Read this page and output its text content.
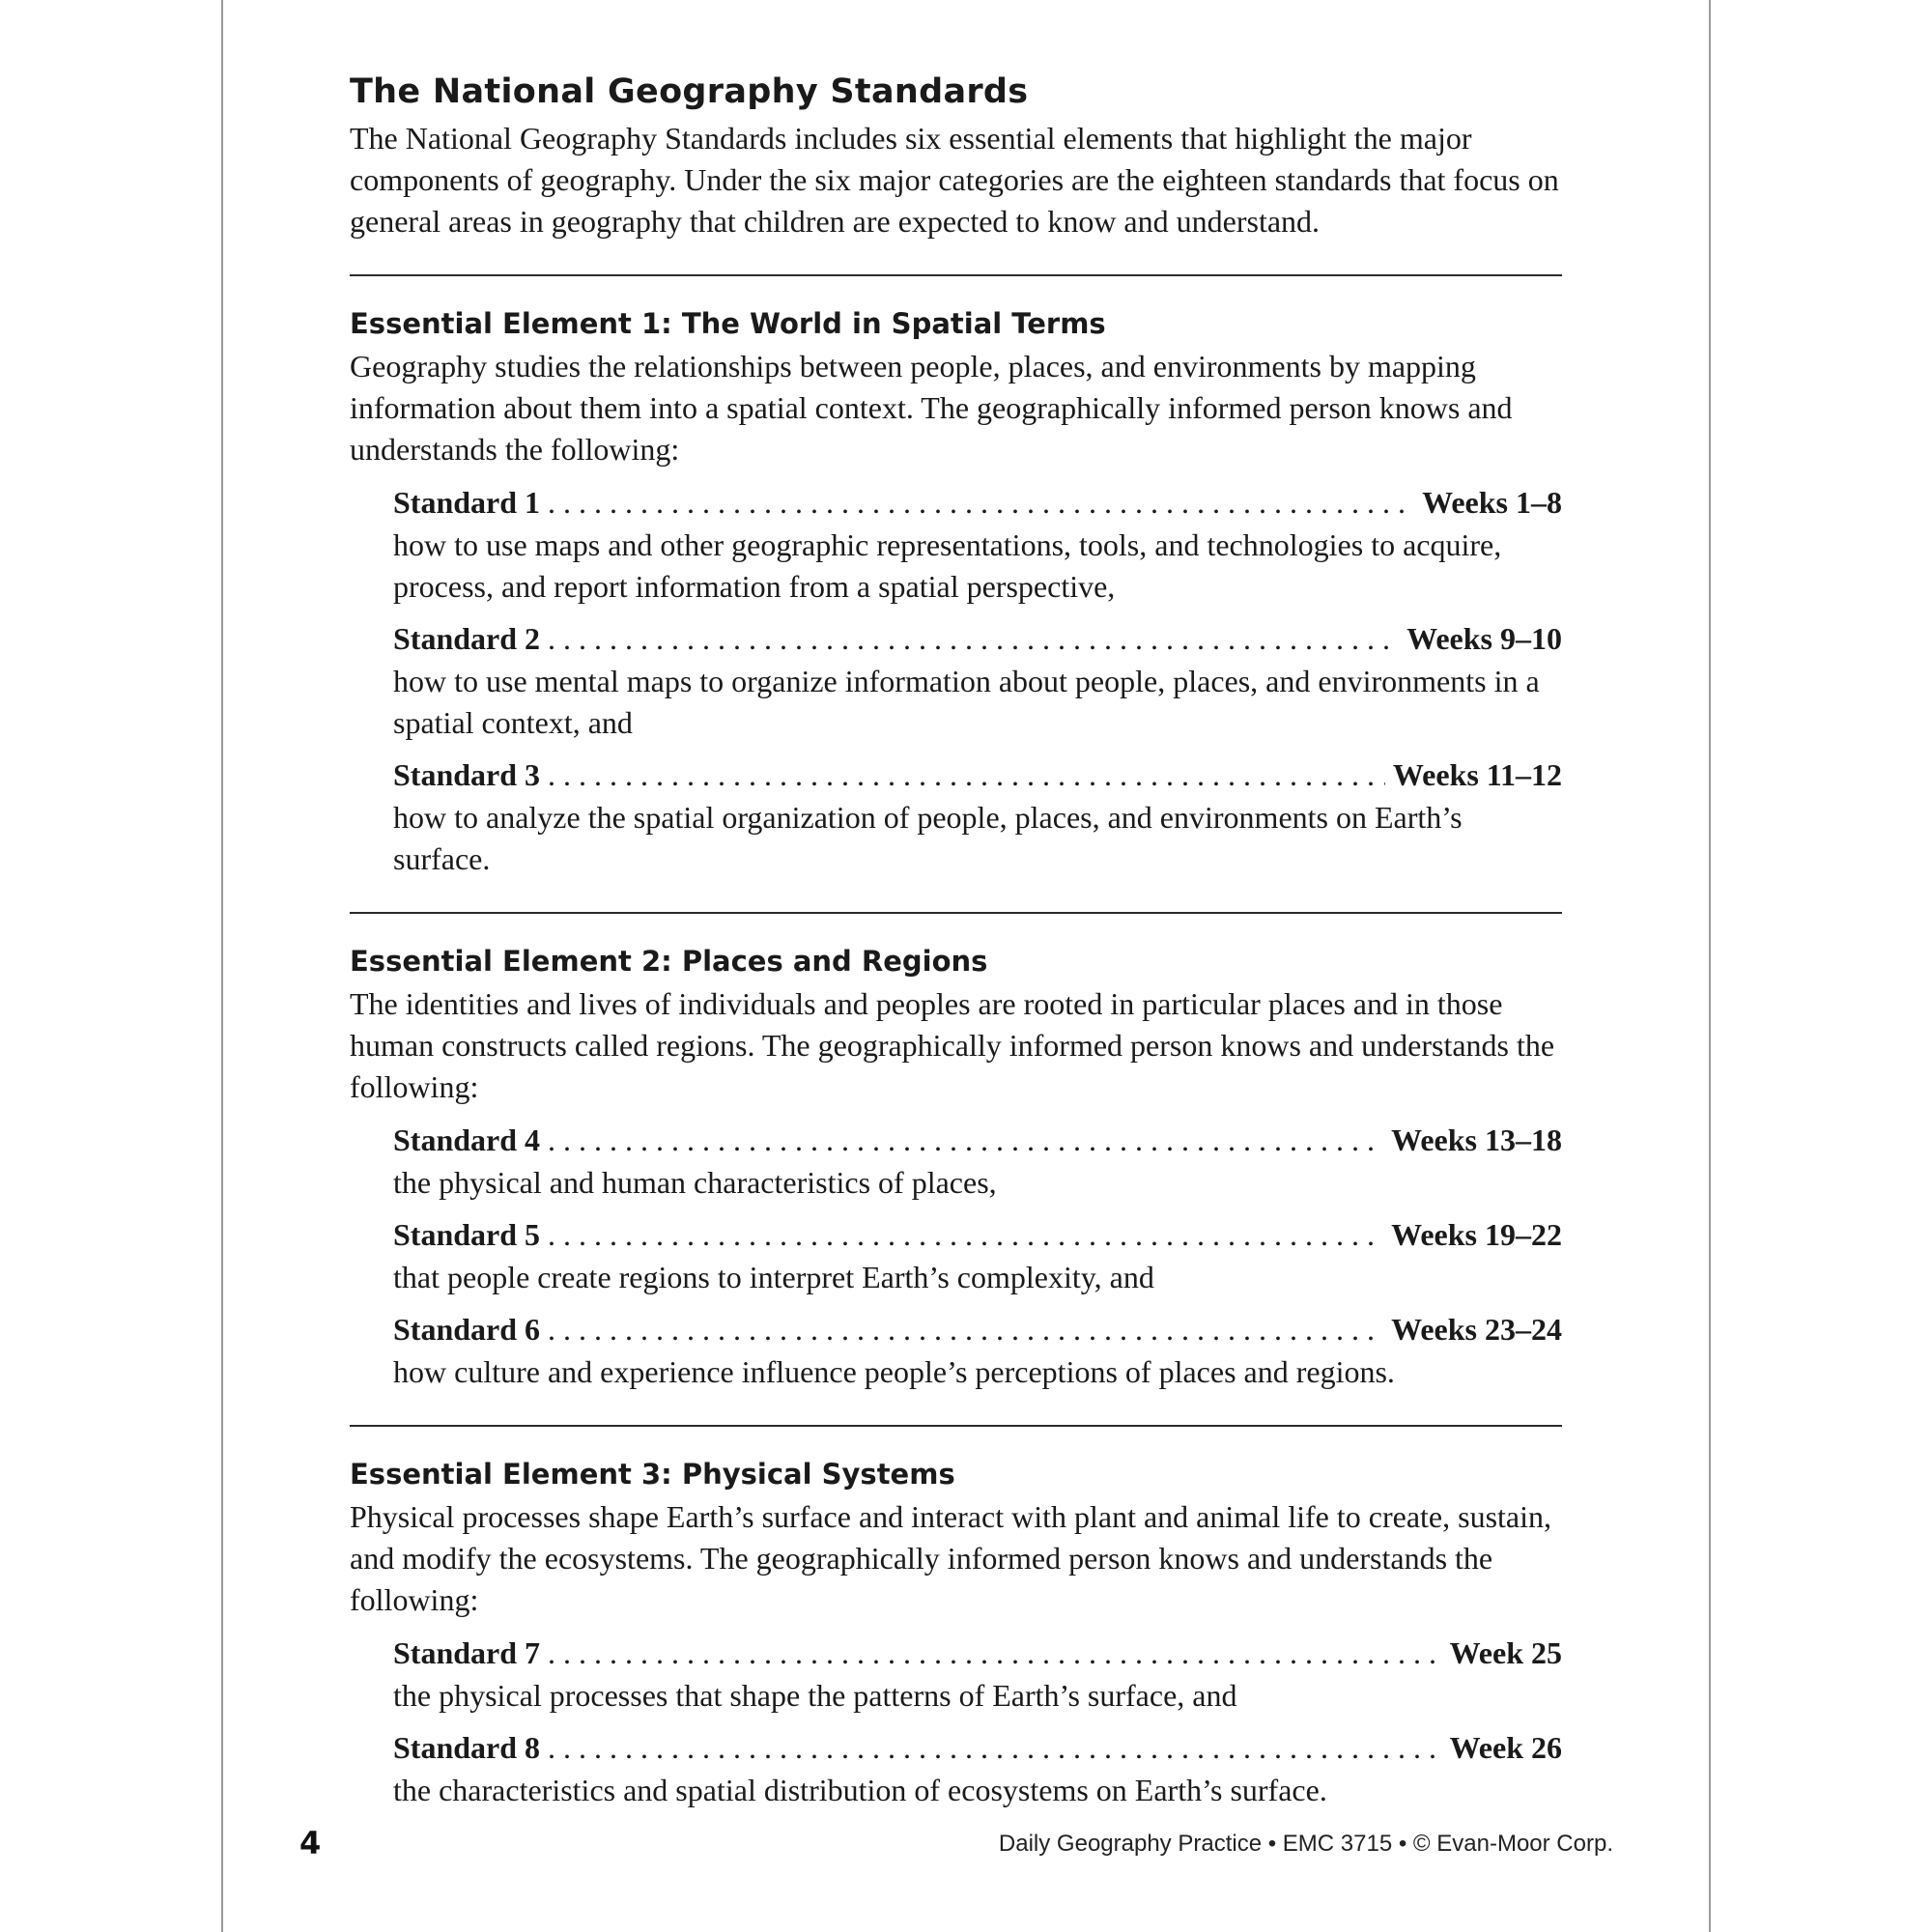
The National Geography Standards

The National Geography Standards includes six essential elements that highlight the major components of geography. Under the six major categories are the eighteen standards that focus on general areas in geography that children are expected to know and understand.

Essential Element 1: The World in Spatial Terms

Geography studies the relationships between people, places, and environments by mapping information about them into a spatial context. The geographically informed person knows and understands the following:

Standard 1 . . .	Weeks 1–8

how to use maps and other geographic representations, tools, and technologies to acquire, process, and report information from a spatial perspective,

Standard 2 . . .	Weeks 9–10

how to use mental maps to organize information about people, places, and environments in a spatial context, and

Standard 3 . . .	Weeks 11–12

how to analyze the spatial organization of people, places, and environments on Earth’s surface.

Essential Element 2: Places and Regions

The identities and lives of individuals and peoples are rooted in particular places and in those human constructs called regions. The geographically informed person knows and understands the following:

Standard 4 . . .	Weeks 13–18

the physical and human characteristics of places,

Standard 5 . . .	Weeks 19–22

that people create regions to interpret Earth’s complexity, and

Standard 6 . . .	Weeks 23–24

how culture and experience influence people’s perceptions of places and regions.

Essential Element 3: Physical Systems

Physical processes shape Earth’s surface and interact with plant and animal life to create, sustain, and modify the ecosystems. The geographically informed person knows and understands the following:

Standard 7 . . .	Week 25

the physical processes that shape the patterns of Earth’s surface, and

Standard 8 . . .	Week 26

the characteristics and spatial distribution of ecosystems on Earth’s surface.

4	Daily Geography Practice • EMC 3715 • © Evan-Moor Corp.
